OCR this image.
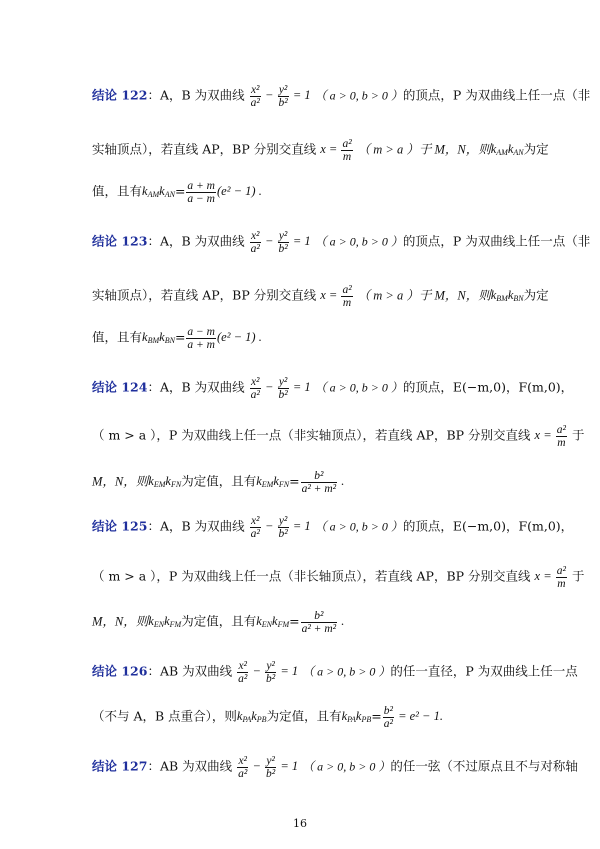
结论 122：A，B 为双曲线 $\frac{\text{x²}}{\text{a²}} - \frac{\text{y²}}{\text{b²}} = 1$ （ a > 0, b > 0 ）的顶点，P 为双曲线上任一点（非
实轴顶点），若直线 AP，BP 分别交直线 $x = \frac{\text{a²}}{m}$ （ m > a ）于 M，N，则$k_{AM}k_{AN}$为定
值，且有$k_{AM}k_{AN}= \frac{a + m}{a - m} (e^2 - 1)$ .
结论 123：A，B 为双曲线 $\frac{\text{x²}}{\text{a²}} - \frac{\text{y²}}{\text{b²}} = 1$ （ a > 0, b > 0 ）的顶点，P 为双曲线上任一点（非
实轴顶点），若直线 AP，BP 分别交直线 $x = \frac{\text{a²}}{m}$ （ m > a ）于 M，N，则$k_{BM}k_{BN}$为定
值，且有$k_{BM}k_{BN}= \frac{a - m}{a + m} (e^2 - 1)$ .
结论 124：A，B 为双曲线 $\frac{\text{x²}}{\text{a²}} - \frac{\text{y²}}{\text{b²}} = 1$ （ a > 0, b > 0 ）的顶点，E(−m,0)，F(m,0)，
（ m > a ），P 为双曲线上任一点（非实轴顶点），若直线 AP，BP 分别交直线 $x = \frac{\text{a²}}{m}$ 于
M，N，则$k_{EM}k_{FN}$为定值，且有$k_{EM}k_{FN}= \frac{\text{b²}}{\text{a² + m²}}$ .
结论 125：A，B 为双曲线 $\frac{\text{x²}}{\text{a²}} - \frac{\text{y²}}{\text{b²}} = 1$ （ a > 0, b > 0 ）的顶点，E(−m,0)，F(m,0)，
（ m > a ），P 为双曲线上任一点（非长轴顶点），若直线 AP，BP 分别交直线 $x = \frac{\text{a²}}{m}$ 于
M，N，则$k_{EN}k_{FM}$为定值，且有$k_{EN}k_{FM}= \frac{\text{b²}}{\text{a² + m²}}$ .
结论 126：AB 为双曲线 $\frac{\text{x²}}{\text{a²}} - \frac{\text{y²}}{\text{b²}} = 1$ （ a > 0, b > 0 ）的任一直径，P 为双曲线上任一点
（不与 A，B 点重合），则$k_{PA}k_{PB}$为定值，且有$k_{PA}k_{PB}= \frac{\text{b²}}{\text{a²}} = e^2 - 1$.
结论 127：AB 为双曲线 $\frac{\text{x²}}{\text{a²}} - \frac{\text{y²}}{\text{b²}} = 1$ （ a > 0, b > 0 ）的任一弦（不过原点且不与对称轴
16
